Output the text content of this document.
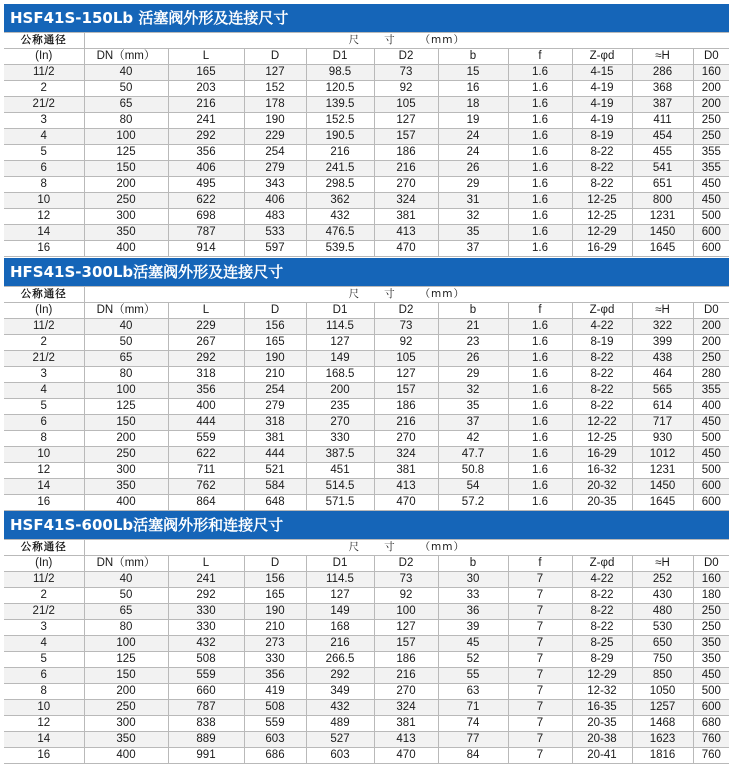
HSF41S-150Lb 活塞阀外形及连接尺寸
公称通径	尺 寸 （mm）									
(In)	DN（mm）	L	D	D1	D2	b	f	Z-φd	≈H	D0
11/2	40	165	127	98.5	73	15	1.6	4-15	286	160
2	50	203	152	120.5	92	16	1.6	4-19	368	200
21/2	65	216	178	139.5	105	18	1.6	4-19	387	200
3	80	241	190	152.5	127	19	1.6	4-19	411	250
4	100	292	229	190.5	157	24	1.6	8-19	454	250
5	125	356	254	216	186	24	1.6	8-22	455	355
6	150	406	279	241.5	216	26	1.6	8-22	541	355
8	200	495	343	298.5	270	29	1.6	8-22	651	450
10	250	622	406	362	324	31	1.6	12-25	800	450
12	300	698	483	432	381	32	1.6	12-25	1231	500
14	350	787	533	476.5	413	35	1.6	12-29	1450	600
16	400	914	597	539.5	470	37	1.6	16-29	1645	600
HFS41S-300Lb活塞阀外形及连接尺寸
公称通径	尺 寸 （mm）									
(In)	DN（mm）	L	D	D1	D2	b	f	Z-φd	≈H	D0
11/2	40	229	156	114.5	73	21	1.6	4-22	322	200
2	50	267	165	127	92	23	1.6	8-19	399	200
21/2	65	292	190	149	105	26	1.6	8-22	438	250
3	80	318	210	168.5	127	29	1.6	8-22	464	280
4	100	356	254	200	157	32	1.6	8-22	565	355
5	125	400	279	235	186	35	1.6	8-22	614	400
6	150	444	318	270	216	37	1.6	12-22	717	450
8	200	559	381	330	270	42	1.6	12-25	930	500
10	250	622	444	387.5	324	47.7	1.6	16-29	1012	450
12	300	711	521	451	381	50.8	1.6	16-32	1231	500
14	350	762	584	514.5	413	54	1.6	20-32	1450	600
16	400	864	648	571.5	470	57.2	1.6	20-35	1645	600
HSF41S-600Lb活塞阀外形和连接尺寸
公称通径	尺 寸 （mm）									
(In)	DN（mm）	L	D	D1	D2	b	f	Z-φd	≈H	D0
11/2	40	241	156	114.5	73	30	7	4-22	252	160
2	50	292	165	127	92	33	7	8-22	430	180
21/2	65	330	190	149	100	36	7	8-22	480	250
3	80	330	210	168	127	39	7	8-22	530	250
4	100	432	273	216	157	45	7	8-25	650	350
5	125	508	330	266.5	186	52	7	8-29	750	350
6	150	559	356	292	216	55	7	12-29	850	450
8	200	660	419	349	270	63	7	12-32	1050	500
10	250	787	508	432	324	71	7	16-35	1257	600
12	300	838	559	489	381	74	7	20-35	1468	680
14	350	889	603	527	413	77	7	20-38	1623	760
16	400	991	686	603	470	84	7	20-41	1816	760
